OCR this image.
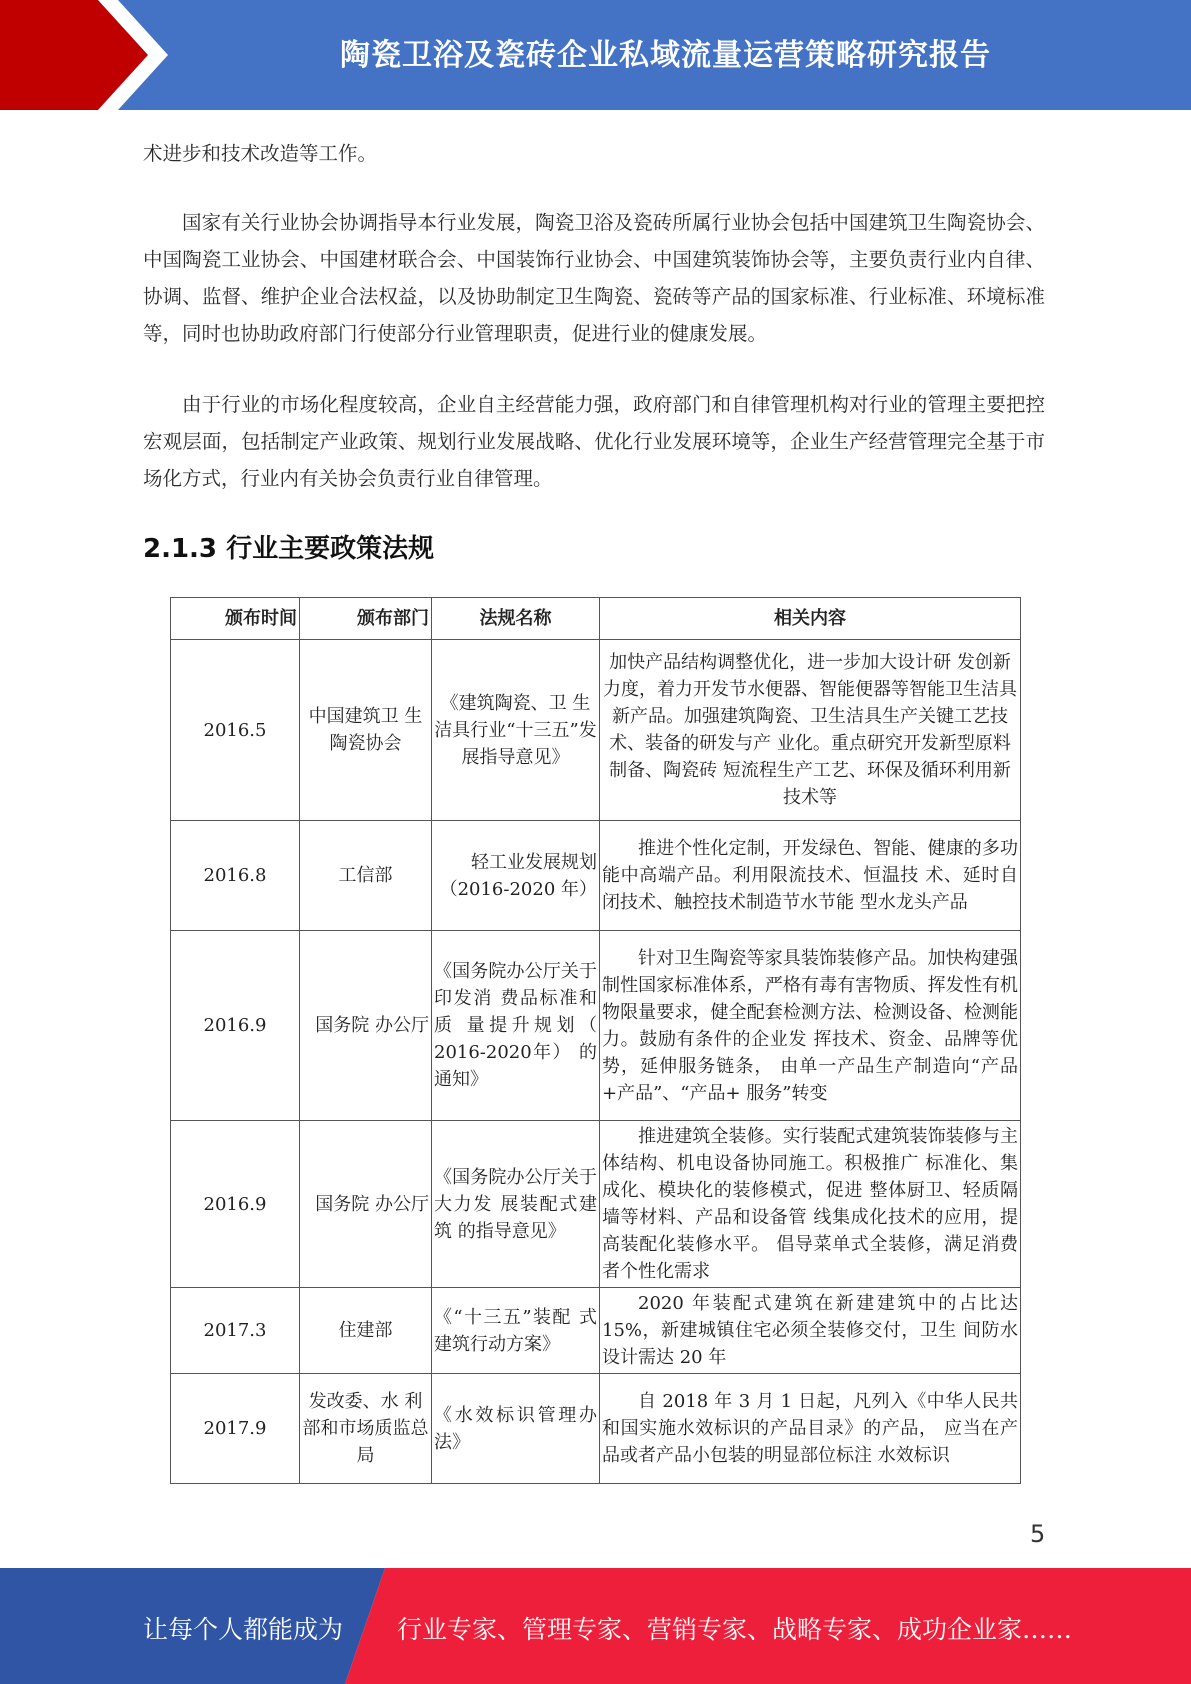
陶瓷卫浴及瓷砖企业私域流量运营策略研究报告

术进步和技术改造等工作。

国家有关行业协会协调指导本行业发展，陶瓷卫浴及瓷砖所属行业协会包括中国建筑卫生陶瓷协会、中国陶瓷工业协会、中国建材联合会、中国装饰行业协会、中国建筑装饰协会等，主要负责行业内自律、协调、监督、维护企业合法权益，以及协助制定卫生陶瓷、瓷砖等产品的国家标准、行业标准、环境标准等，同时也协助政府部门行使部分行业管理职责，促进行业的健康发展。

由于行业的市场化程度较高，企业自主经营能力强，政府部门和自律管理机构对行业的管理主要把控宏观层面，包括制定产业政策、规划行业发展战略、优化行业发展环境等，企业生产经营管理完全基于市场化方式，行业内有关协会负责行业自律管理。

2.1.3 行业主要政策法规
颁布时间	颁布部门	法规名称	相关内容
2016.5	中国建筑卫 生陶瓷协会	《建筑陶瓷、卫 生洁具行业“十三五”发展指导意见》	加快产品结构调整优化，进一步加大设计研 发创新力度，着力开发节水便器、智能便器等智能卫生洁具新产品。加强建筑陶瓷、卫生洁具生产关键工艺技术、装备的研发与产 业化。重点研究开发新型原料制备、陶瓷砖 短流程生产工艺、环保及循环利用新技术等
2016.8	工信部	轻工业发展规划（2016-2020 年）	推进个性化定制，开发绿色、智能、健康的多功能中高端产品。利用限流技术、恒温技 术、延时自闭技术、触控技术制造节水节能 型水龙头产品
2016.9	国务院 办公厅	《国务院办公厅关于印发消 费品标准和质 量提升规划（ 2016-2020年） 的通知》	针对卫生陶瓷等家具装饰装修产品。加快构建强制性国家标准体系，严格有毒有害物质、挥发性有机物限量要求，健全配套检测方法、检测设备、检测能力。鼓励有条件的企业发 挥技术、资金、品牌等优势，延伸服务链条， 由单一产品生产制造向“产品+产品”、“产品+ 服务”转变
2016.9	国务院 办公厅	《国务院办公厅关于大力发 展装配式建筑 的指导意见》	推进建筑全装修。实行装配式建筑装饰装修与主体结构、机电设备协同施工。积极推广 标准化、集成化、模块化的装修模式，促进 整体厨卫、轻质隔墙等材料、产品和设备管 线集成化技术的应用，提高装配化装修水平。 倡导菜单式全装修，满足消费者个性化需求
2017.3	住建部	《“十三五”装配 式建筑行动方案》	2020 年装配式建筑在新建建筑中的占比达15%，新建城镇住宅必须全装修交付，卫生 间防水设计需达 20 年
2017.9	发改委、水 利部和市场质监总局	《水效标识管理办法》	自 2018 年 3 月 1 日起，凡列入《中华人民共和国实施水效标识的产品目录》的产品， 应当在产品或者产品小包装的明显部位标注 水效标识
5
让每个人都能成为 行业专家、管理专家、营销专家、战略专家、成功企业家……
